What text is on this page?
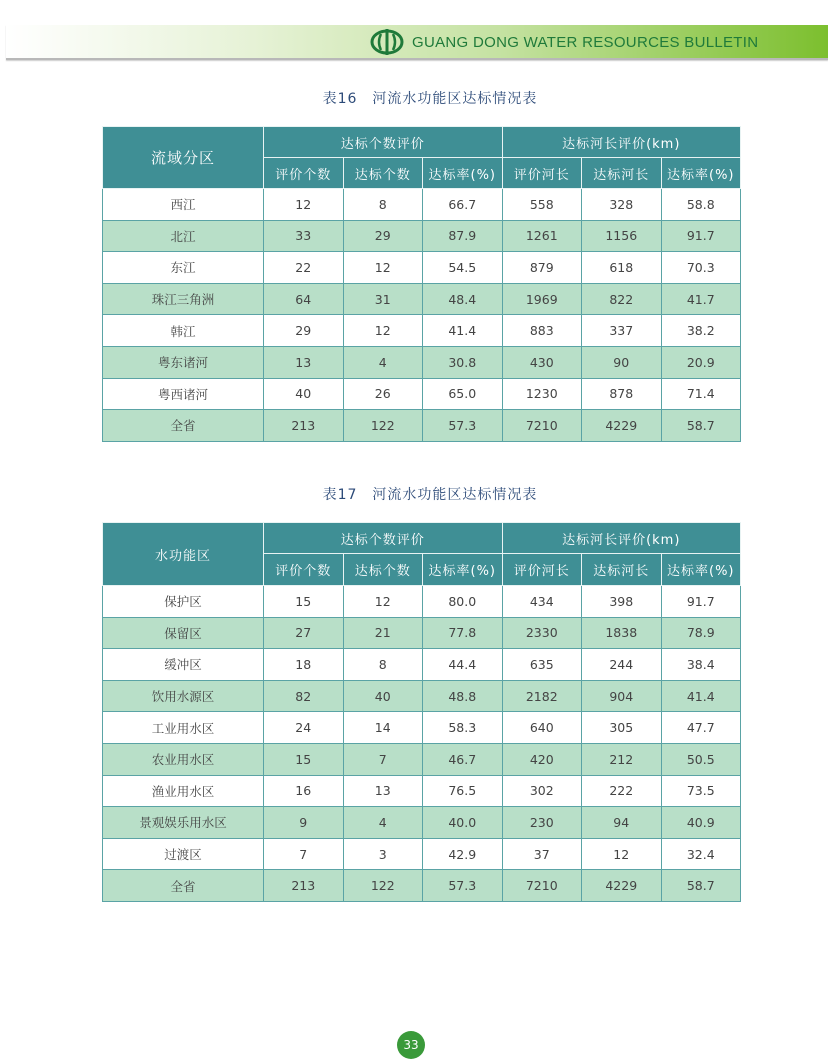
GUANG DONG WATER RESOURCES BULLETIN
表16　河流水功能区达标情况表
流域分区	达标个数评价			达标河长评价(km)		
	评价个数	达标个数	达标率(%)	评价河长	达标河长	达标率(%)
西江	12	8	66.7	558	328	58.8
北江	33	29	87.9	1261	1156	91.7
东江	22	12	54.5	879	618	70.3
珠江三角洲	64	31	48.4	1969	822	41.7
韩江	29	12	41.4	883	337	38.2
粤东诸河	13	4	30.8	430	90	20.9
粤西诸河	40	26	65.0	1230	878	71.4
全省	213	122	57.3	7210	4229	58.7
表17　河流水功能区达标情况表
水功能区	达标个数评价			达标河长评价(km)		
	评价个数	达标个数	达标率(%)	评价河长	达标河长	达标率(%)
保护区	15	12	80.0	434	398	91.7
保留区	27	21	77.8	2330	1838	78.9
缓冲区	18	8	44.4	635	244	38.4
饮用水源区	82	40	48.8	2182	904	41.4
工业用水区	24	14	58.3	640	305	47.7
农业用水区	15	7	46.7	420	212	50.5
渔业用水区	16	13	76.5	302	222	73.5
景观娱乐用水区	9	4	40.0	230	94	40.9
过渡区	7	3	42.9	37	12	32.4
全省	213	122	57.3	7210	4229	58.7
33
